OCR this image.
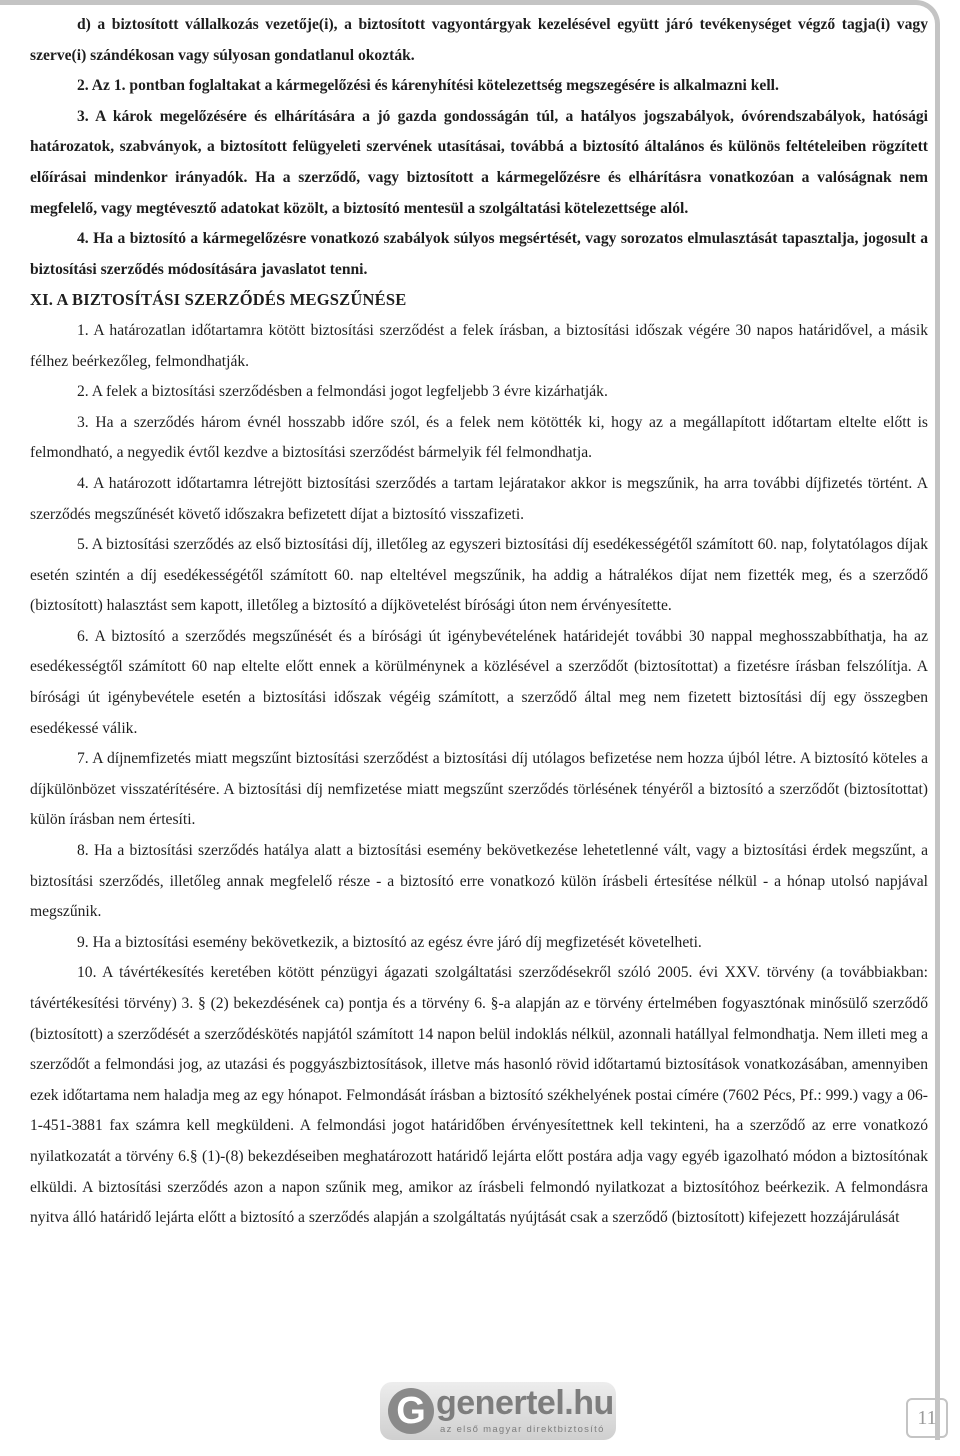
d) a biztosított vállalkozás vezetője(i), a biztosított vagyontárgyak kezelésével együtt járó tevékenységet végző tagja(i) vagy szerve(i) szándékosan vagy súlyosan gondatlanul okozták.

2. Az 1. pontban foglaltakat a kármegelőzési és kárenyhítési kötelezettség megszegésére is alkalmazni kell.

3. A károk megelőzésére és elhárítására a jó gazda gondosságán túl, a hatályos jogszabályok, óvórendszabályok, hatósági határozatok, szabványok, a biztosított felügyeleti szervének utasításai, továbbá a biztosító általános és különös feltételeiben rögzített előírásai mindenkor irányadók. Ha a szerződő, vagy biztosított a kármegelőzésre és elhárításra vonatkozóan a valóságnak nem megfelelő, vagy megtévesztő adatokat közölt, a biztosító mentesül a szolgáltatási kötelezettsége alól.

4. Ha a biztosító a kármegelőzésre vonatkozó szabályok súlyos megsértését, vagy sorozatos elmulasztását tapasztalja, jogosult a biztosítási szerződés módosítására javaslatot tenni.

XI. A BIZTOSÍTÁSI SZERZŐDÉS MEGSZŰNÉSE

1. A határozatlan időtartamra kötött biztosítási szerződést a felek írásban, a biztosítási időszak végére 30 napos határidővel, a másik félhez beérkezőleg, felmondhatják.

2. A felek a biztosítási szerződésben a felmondási jogot legfeljebb 3 évre kizárhatják.

3. Ha a szerződés három évnél hosszabb időre szól, és a felek nem kötötték ki, hogy az a megállapított időtartam eltelte előtt is felmondható, a negyedik évtől kezdve a biztosítási szerződést bármelyik fél felmondhatja.

4. A határozott időtartamra létrejött biztosítási szerződés a tartam lejáratakor akkor is megszűnik, ha arra további díjfizetés történt. A szerződés megszűnését követő időszakra befizetett díjat a biztosító visszafizeti.

5. A biztosítási szerződés az első biztosítási díj, illetőleg az egyszeri biztosítási díj esedékességétől számított 60. nap, folytatólagos díjak esetén szintén a díj esedékességétől számított 60. nap elteltével megszűnik, ha addig a hátralékos díjat nem fizették meg, és a szerződő (biztosított) halasztást sem kapott, illetőleg a biztosító a díjkövetelést bírósági úton nem érvényesítette.

6. A biztosító a szerződés megszűnését és a bírósági út igénybevételének határidejét további 30 nappal meghosszabbíthatja, ha az esedékességtől számított 60 nap eltelte előtt ennek a körülménynek a közlésével a szerződőt (biztosítottat) a fizetésre írásban felszólítja. A bírósági út igénybevétele esetén a biztosítási időszak végéig számított, a szerződő által meg nem fizetett biztosítási díj egy összegben esedékessé válik.

7. A díjnemfizetés miatt megszűnt biztosítási szerződést a biztosítási díj utólagos befizetése nem hozza újból létre. A biztosító köteles a díjkülönbözet visszatérítésére. A biztosítási díj nemfizetése miatt megszűnt szerződés törlésének tényéről a biztosító a szerződőt (biztosítottat) külön írásban nem értesíti.

8. Ha a biztosítási szerződés hatálya alatt a biztosítási esemény bekövetkezése lehetetlenné vált, vagy a biztosítási érdek megszűnt, a biztosítási szerződés, illetőleg annak megfelelő része - a biztosító erre vonatkozó külön írásbeli értesítése nélkül - a hónap utolsó napjával megszűnik.

9. Ha a biztosítási esemény bekövetkezik, a biztosító az egész évre járó díj megfizetését követelheti.

10. A távértékesítés keretében kötött pénzügyi ágazati szolgáltatási szerződésekről szóló 2005. évi XXV. törvény (a továbbiakban: távértékesítési törvény) 3. § (2) bekezdésének ca) pontja és a törvény 6. §-a alapján az e törvény értelmében fogyasztónak minősülő szerződő (biztosított) a szerződését a szerződéskötés napjától számított 14 napon belül indoklás nélkül, azonnali hatállyal felmondhatja. Nem illeti meg a szerződőt a felmondási jog, az utazási és poggyászbiztosítások, illetve más hasonló rövid időtartamú biztosítások vonatkozásában, amennyiben ezek időtartama nem haladja meg az egy hónapot. Felmondását írásban a biztosító székhelyének postai címére (7602 Pécs, Pf.: 999.) vagy a 06-1-451-3881 fax számra kell megküldeni. A felmondási jogot határidőben érvényesítettnek kell tekinteni, ha a szerződő az erre vonatkozó nyilatkozatát a törvény 6.§ (1)-(8) bekezdéseiben meghatározott határidő lejárta előtt postára adja vagy egyéb igazolható módon a biztosítónak elküldi. A biztosítási szerződés azon a napon szűnik meg, amikor az írásbeli felmondó nyilatkozat a biztosítóhoz beérkezik. A felmondásra nyitva álló határidő lejárta előtt a biztosító a szerződés alapján a szolgáltatás nyújtását csak a szerződő (biztosított) kifejezett hozzájárulását

G genertel.hu
az első magyar direktbiztosító
11
